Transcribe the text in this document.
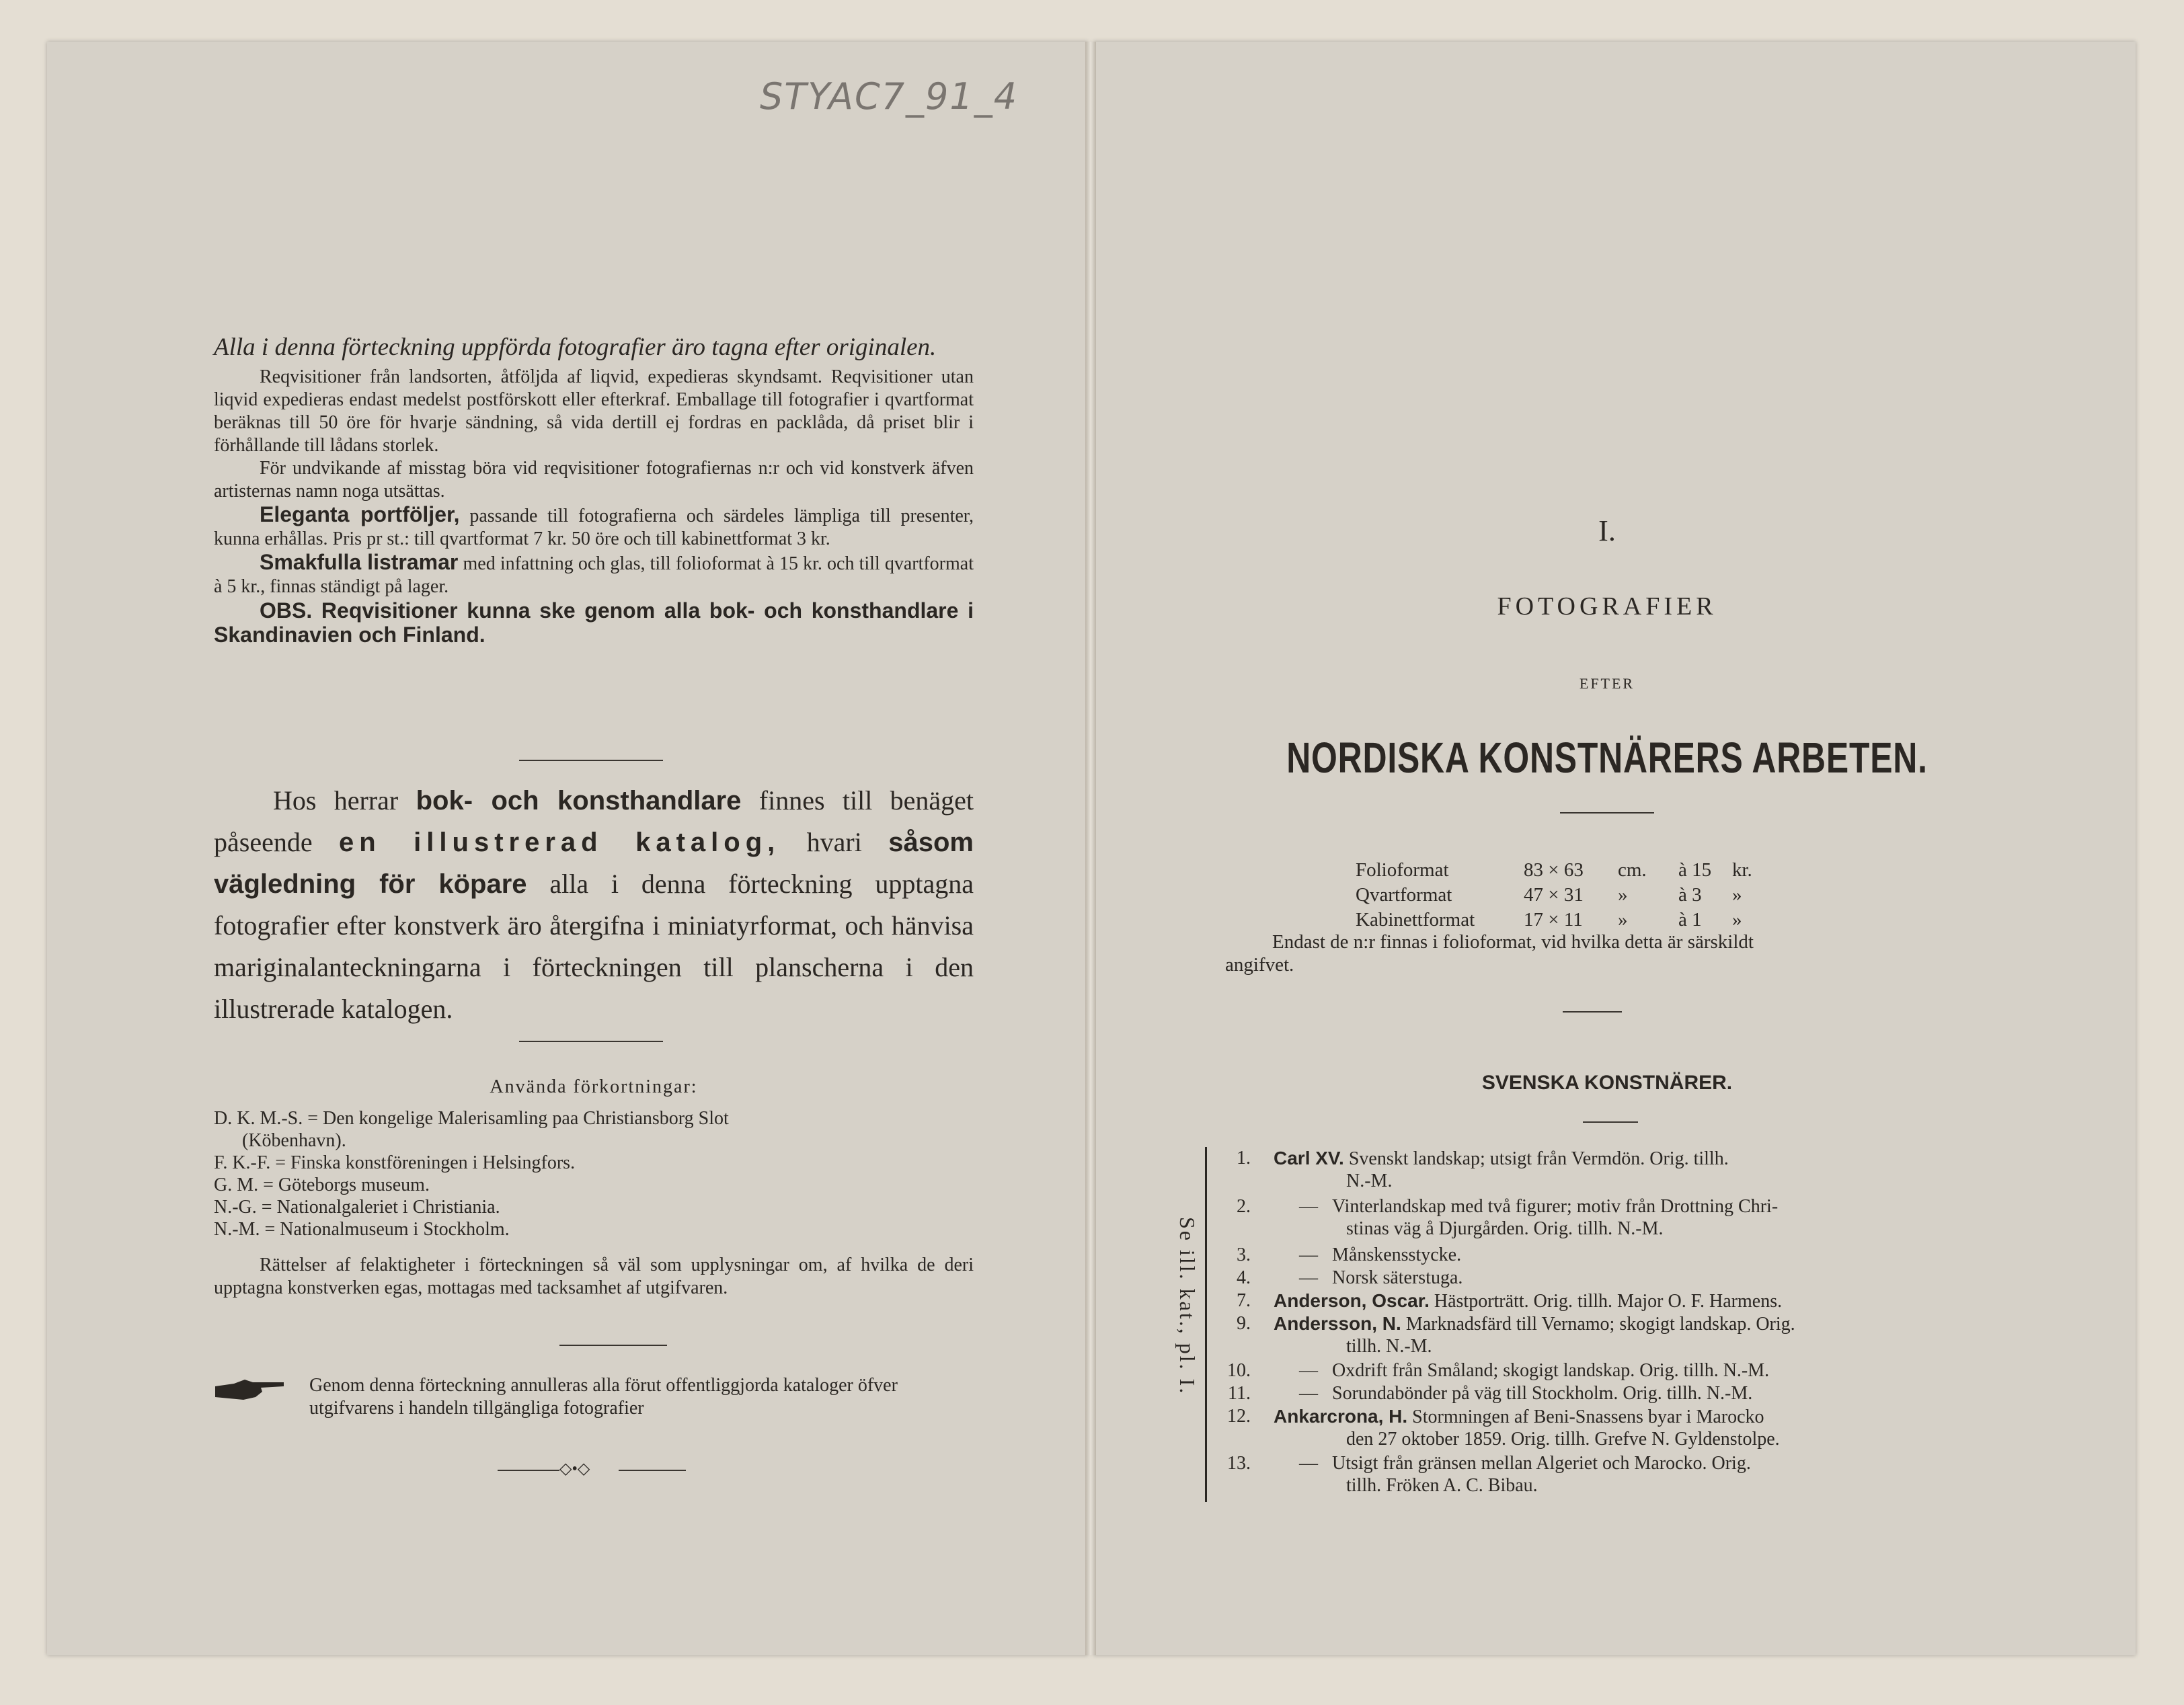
STYAC7_91_4
Alla i denna förteckning uppförda fotografier äro tagna efter originalen.
Reqvisitioner från landsorten, åtföljda af liqvid, expedieras skyndsamt. Reqvisitioner utan liqvid expedieras endast medelst postförskott eller efterkraf. Emballage till fotografier i qvartformat beräknas till 50 öre för hvarje sändning, så vida dertill ej fordras en packlåda, då priset blir i förhållande till lådans storlek.
För undvikande af misstag böra vid reqvisitioner fotografiernas n:r och vid konstverk äfven artisternas namn noga utsättas.
Eleganta portföljer, passande till fotografierna och särdeles lämpliga till presenter, kunna erhållas. Pris pr st.: till qvartformat 7 kr. 50 öre och till kabinettformat 3 kr.
Smakfulla listramar med infattning och glas, till folioformat à 15 kr. och till qvartformat à 5 kr., finnas ständigt på lager.
OBS. Reqvisitioner kunna ske genom alla bok- och konsthandlare i Skandinavien och Finland.
Hos herrar bok- och konsthandlare finnes till benäget påseende en illustrerad katalog, hvari såsom vägledning för köpare alla i denna förteckning upptagna fotografier efter konstverk äro återgifna i miniatyrformat, och hänvisa mariginalanteckningarna i förteckningen till planscherna i den illustrerade katalogen.
Använda förkortningar:
D. K. M.-S. = Den kongelige Malerisamling paa Christiansborg Slot
(Köbenhavn).
F. K.-F. = Finska konstföreningen i Helsingfors.
G. M. = Göteborgs museum.
N.-G. = Nationalgaleriet i Christiania.
N.-M. = Nationalmuseum i Stockholm.
Rättelser af felaktigheter i förteckningen så väl som upplysningar om, af hvilka de deri upptagna konstverken egas, mottagas med tacksamhet af utgifvaren.
Genom denna förteckning annulleras alla förut offentliggjorda kataloger öfver utgifvarens i handeln tillgängliga fotografier
◇•◇
I.
FOTOGRAFIER
EFTER
NORDISKA KONSTNÄRERS ARBETEN.
Folioformat	83 × 63 cm. à 15 kr.
Qvartformat	47 × 31 »	à 3 »
Kabinettformat	17 × 11 »	à 1 »
Endast de n:r finnas i folioformat, vid hvilka detta är särskildt
angifvet.
SVENSKA KONSTNÄRER.
Se ill. kat., pl. I.
1. Carl XV. Svenskt landskap; utsigt från Vermdön. Orig. tillh.
N.-M.
2.	— Vinterlandskap med två figurer; motiv från Drottning Chri-
stinas väg å Djurgården. Orig. tillh. N.-M.
3.	— Månskensstycke.
4.	— Norsk säterstuga.
7. Anderson, Oscar. Hästporträtt. Orig. tillh. Major O. F. Harmens.
9. Andersson, N. Marknadsfärd till Vernamo; skogigt landskap. Orig.
tillh. N.-M.
10.	— Oxdrift från Småland; skogigt landskap. Orig. tillh. N.-M.
11.	— Sorundabönder på väg till Stockholm. Orig. tillh. N.-M.
12. Ankarcrona, H. Stormningen af Beni-Snassens byar i Marocko
den 27 oktober 1859. Orig. tillh. Grefve N. Gyldenstolpe.
13.	— Utsigt från gränsen mellan Algeriet och Marocko. Orig.
tillh. Fröken A. C. Bibau.
